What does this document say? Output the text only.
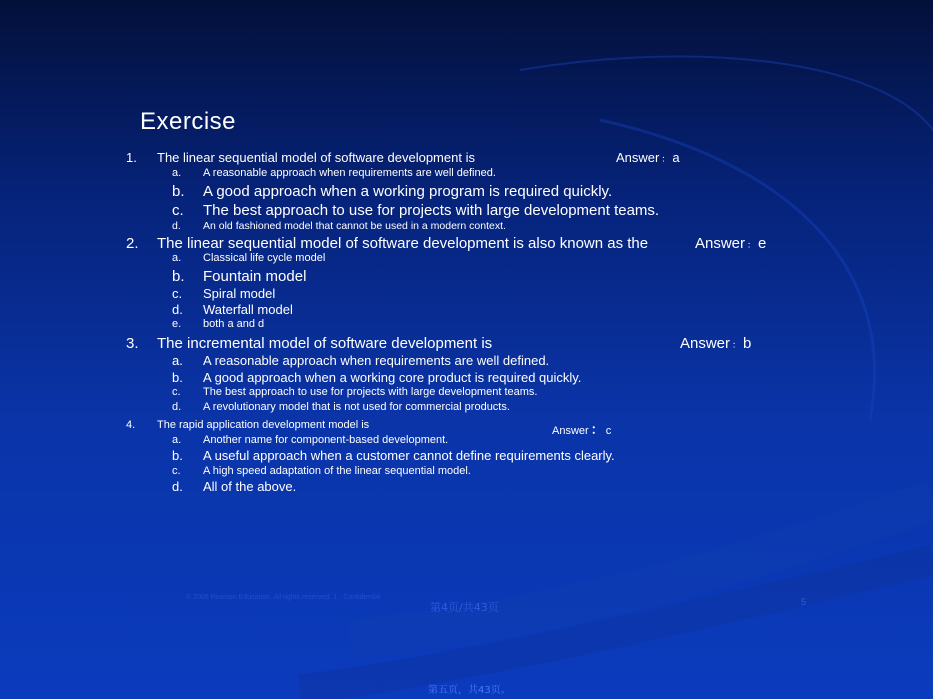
Exercise
1. The linear sequential model of software development is	Answer ： a
a. A reasonable approach when requirements are well defined.
b. A good approach when a working program is required quickly.
c. The best approach to use for projects with large development teams.
d. An old fashioned model that cannot be used in a modern context.
2. The linear sequential model of software development is also known as the	Answer ： e
a. Classical life cycle model
b. Fountain model
c. Spiral model
d. Waterfall model
e. both a and d
3. The incremental model of software development is	Answer ： b
a. A reasonable approach when requirements are well defined.
b. A good approach when a working core product is required quickly.
c. The best approach to use for projects with large development teams.
d. A revolutionary model that is not used for commercial products.
4. The rapid application development model is	Answer ： c
a. Another name for component-based development.
b. A useful approach when a customer cannot define requirements clearly.
c. A high speed adaptation of the linear sequential model.
d. All of the above.
© 2005 Pearson Education. All rights reserved. 1 · Confidential
第4页/共43页	5
第五页，共43页。
